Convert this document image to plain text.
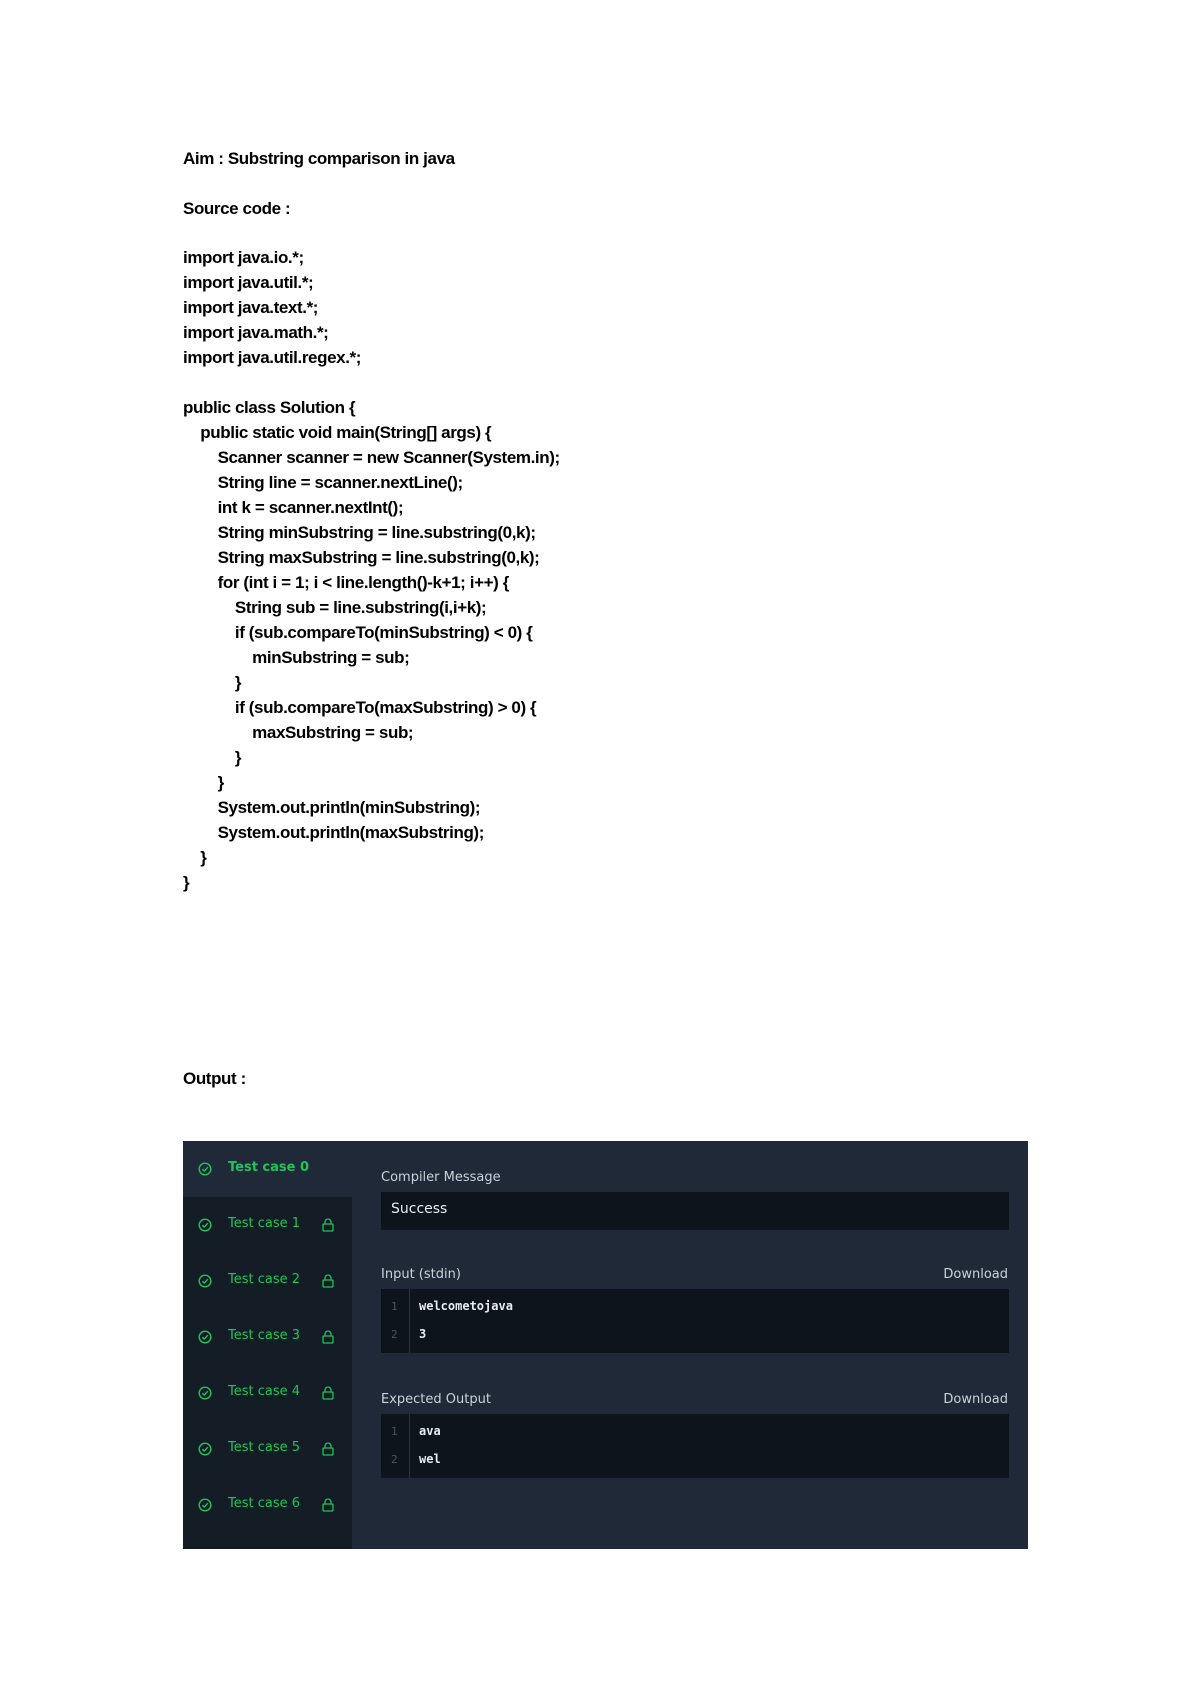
Aim : Substring comparison in java

Source code :

import java.io.*;
import java.util.*;
import java.text.*;
import java.math.*;
import java.util.regex.*;

public class Solution {
public static void main(String[] args) {
Scanner scanner = new Scanner(System.in);
String line = scanner.nextLine();
int k = scanner.nextInt();
String minSubstring = line.substring(0,k);
String maxSubstring = line.substring(0,k);
for (int i = 1; i < line.length()-k+1; i++) {
String sub = line.substring(i,i+k);
if (sub.compareTo(minSubstring) < 0) {
minSubstring = sub;
}
if (sub.compareTo(maxSubstring) > 0) {
maxSubstring = sub;
}
}
System.out.println(minSubstring);
System.out.println(maxSubstring);
}
}

Output :

Test case 0
Test case 1
Test case 2
Test case 3
Test case 4
Test case 5
Test case 6
Compiler Message
Success
Input (stdin)	Download
1
2
welcometojava
3
Expected Output	Download
1
2
ava
wel
